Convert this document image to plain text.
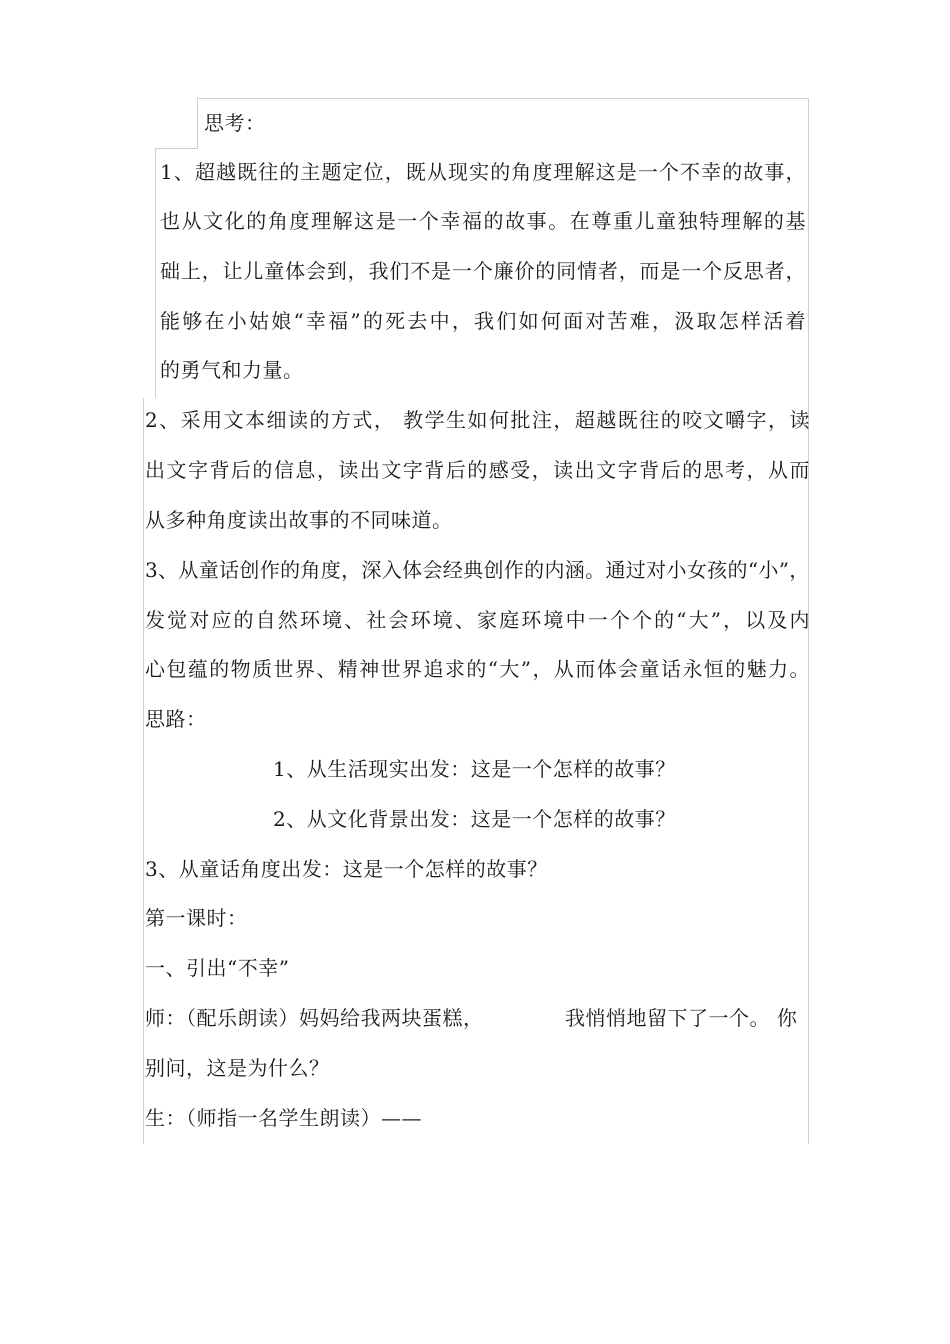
思考：
1、超越既往的主题定位，既从现实的角度理解这是一个不幸的故事，
也从文化的角度理解这是一个幸福的故事。在尊重儿童独特理解的基
础上，让儿童体会到，我们不是一个廉价的同情者，而是一个反思者，
能够在小姑娘“幸福”的死去中，我们如何面对苦难，汲取怎样活着
的勇气和力量。
2、采用文本细读的方式， 教学生如何批注，超越既往的咬文嚼字，读
出文字背后的信息，读出文字背后的感受，读出文字背后的思考，从而
从多种角度读出故事的不同味道。
3、从童话创作的角度，深入体会经典创作的内涵。通过对小女孩的“小”，
发觉对应的自然环境、社会环境、家庭环境中一个个的“大”，以及内
心包蕴的物质世界、精神世界追求的“大”，从而体会童话永恒的魅力。
思路：
1、从生活现实出发：这是一个怎样的故事？
2、从文化背景出发：这是一个怎样的故事？
3、从童话角度出发：这是一个怎样的故事？
第一课时：
一、引出“不幸”
师：（配乐朗读）妈妈给我两块蛋糕，	我悄悄地留下了一个。 你
别问，这是为什么？
生：（师指一名学生朗读）——
